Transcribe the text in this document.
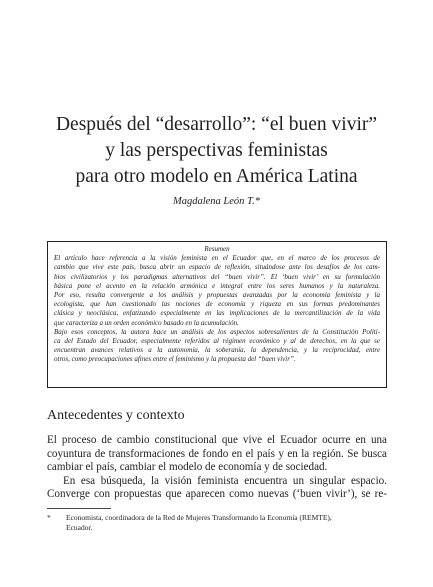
Después del “desarrollo”: “el buen vivir”
y las perspectivas feministas
para otro modelo en América Latina
Magdalena León T.*
Resumen
El artículo hace referencia a la visión feminista en el Ecuador que, en el marco de los procesos de
cambio que vive este país, busca abrir un espacio de reflexión, situándose ante los desafíos de los cam-
bios civilizatorios y los paradigmas alternativos del “buen vivir”. El ‘buen vivir’ en su formulación
básica pone el acento en la relación armónica e integral entre los seres humanos y la naturaleza.
Por eso, resulta convergente a los análisis y propuestas avanzadas por la economía feminista y la
ecologista, que han cuestionado las nociones de economía y riqueza en sus formas predominantes
clásica y neoclásica, enfatizando especialmente en las implicaciones de la mercantilización de la vida
que caracteriza a un orden económico basado en la acumulación.
Bajo esos conceptos, la autora hace un análisis de los aspectos sobresalientes de la Constitución Políti-
ca del Estado del Ecuador, especialmente referidos al régimen económico y al de derechos, en la que se
encuentran avances relativos a la autonomía, la soberanía, la dependencia, y la reciprocidad, entre
otros, como preocupaciones afines entre el feminismo y la propuesta del “buen vivir”.
Antecedentes y contexto
El proceso de cambio constitucional que vive el Ecuador ocurre en una
coyuntura de transformaciones de fondo en el país y en la región. Se busca
cambiar el país, cambiar el modelo de economía y de sociedad.
En esa búsqueda, la visión feminista encuentra un singular espacio.
Converge con propuestas que aparecen como nuevas (‘buen vivir’), se re-
* Economista, coordinadora de la Red de Mujeres Transformando la Economía (REMTE),
Ecuador.
